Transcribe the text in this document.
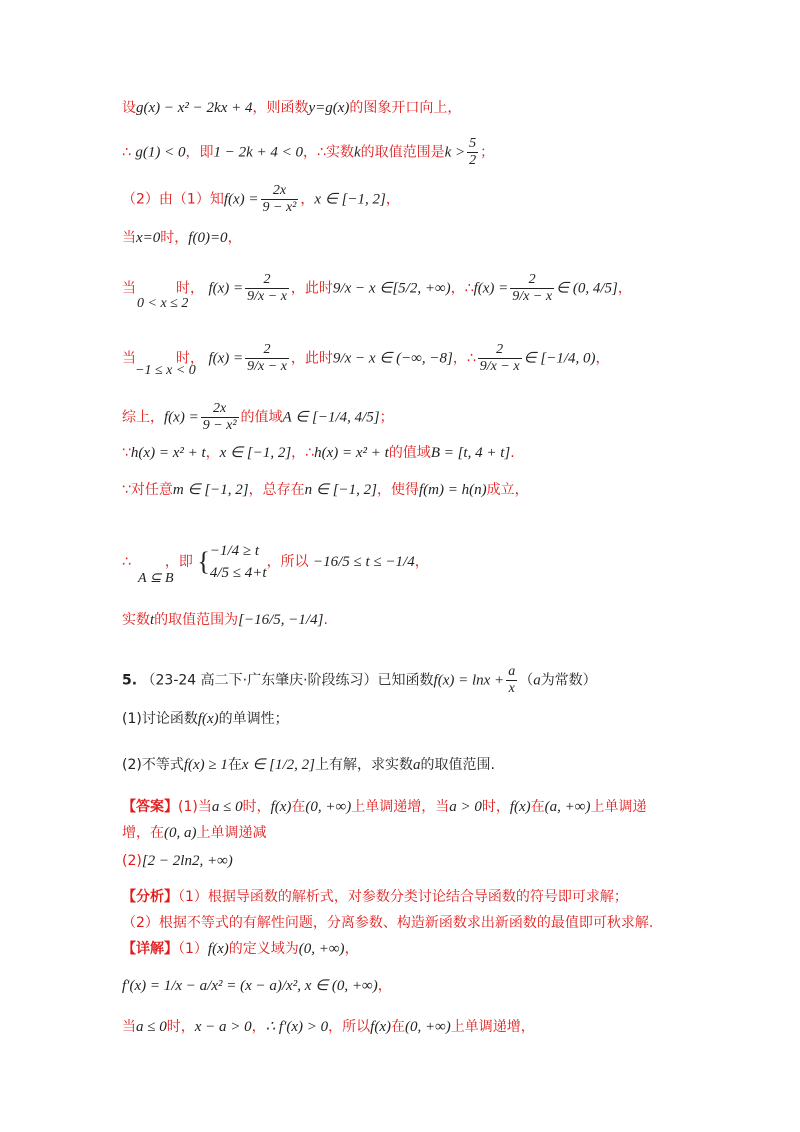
设g(x) − x² − 2kx + 4，则函数y=g(x)的图象开口向上，
∴ g(1) < 0，即1 − 2k + 4 < 0，∴实数k的取值范围是$k > \frac{5}{2}$ ；
（2）由（1）知$f(x) = \frac{2x}{\text{9 − x²}}$ ，x ∈ [−1, 2]，
当x=0时，f(0)=0，
当	时， $f(x) = \frac{2}{9/x - x}$ ，此时9/x − x ∈[5/2, +∞)，∴f(x) = $\frac{2}{9/x - x}$ ∈ (0, 4/5]，
0 < x ≤ 2
当	时， $f(x) = \frac{2}{9/x - x}$ ，此时9/x − x ∈ (−∞, −8]，∴ $\frac{2}{9/x - x}$ ∈ [−1/4, 0)，
−1 ≤ x < 0
综上，$f(x) = \frac{2x}{\text{9 − x²}}$ 的值域A ∈ [−1/4, 4/5]；
∵h(x) = x² + t，x ∈ [−1, 2]，∴h(x) = x² + t的值域B = [t, 4 + t].
∵对任意m ∈ [−1, 2]，总存在n ∈ [−1, 2]，使得f(m) = h(n)成立，
∴ ，即 { −1/4 ≥ t
4/5 ≤ 4+t
，所以 −16/5 ≤ t ≤ −1/4，
A ⊆ B
实数t的取值范围为[−16/5, −1/4].
5. （23-24 高二下·广东肇庆·阶段练习）已知函数$f(x) = \ln x + \frac{a}{x} (a$为常数）
(1)讨论函数f(x)的单调性；
(2)不等式f(x) ≥ 1在x ∈ [1/2, 2]上有解，求实数a的取值范围.
【答案】(1)当a ≤ 0时，f(x)在(0, +∞)上单调递增，当a > 0时，f(x)在(a, +∞)上单调递
增，在(0, a)上单调递减
(2)[2 − 2ln2, +∞)
【分析】（1）根据导函数的解析式，对参数分类讨论结合导函数的符号即可求解；
（2）根据不等式的有解性问题，分离参数、构造新函数求出新函数的最值即可秋求解.
【详解】（1）f(x)的定义域为(0, +∞)，
f′(x) = 1/x − a/x² = (x − a)/x², x ∈ (0, +∞)，
当a ≤ 0时，x − a > 0，∴ f′(x) > 0，所以f(x)在(0, +∞)上单调递增，
